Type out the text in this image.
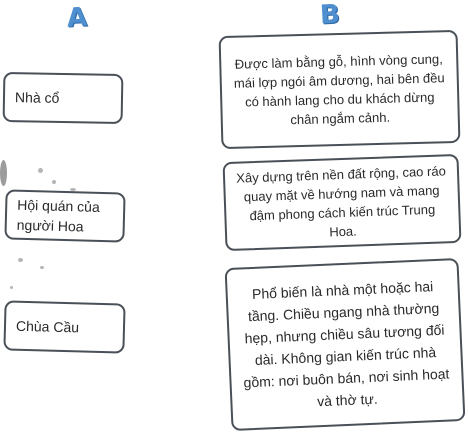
A	B
Nhà cổ
Hội quán của người Hoa
Chùa Cầu
Được làm bằng gỗ, hình vòng cung, mái lợp ngói âm dương, hai bên đều có hành lang cho du khách dừng chân ngắm cảnh.
Xây dựng trên nền đất rộng, cao ráo quay mặt về hướng nam và mang đậm phong cách kiến trúc Trung Hoa.
Phổ biến là nhà một hoặc hai tầng. Chiều ngang nhà thường hẹp, nhưng chiều sâu tương đối dài. Không gian kiến trúc nhà gồm: nơi buôn bán, nơi sinh hoạt và thờ tự.
